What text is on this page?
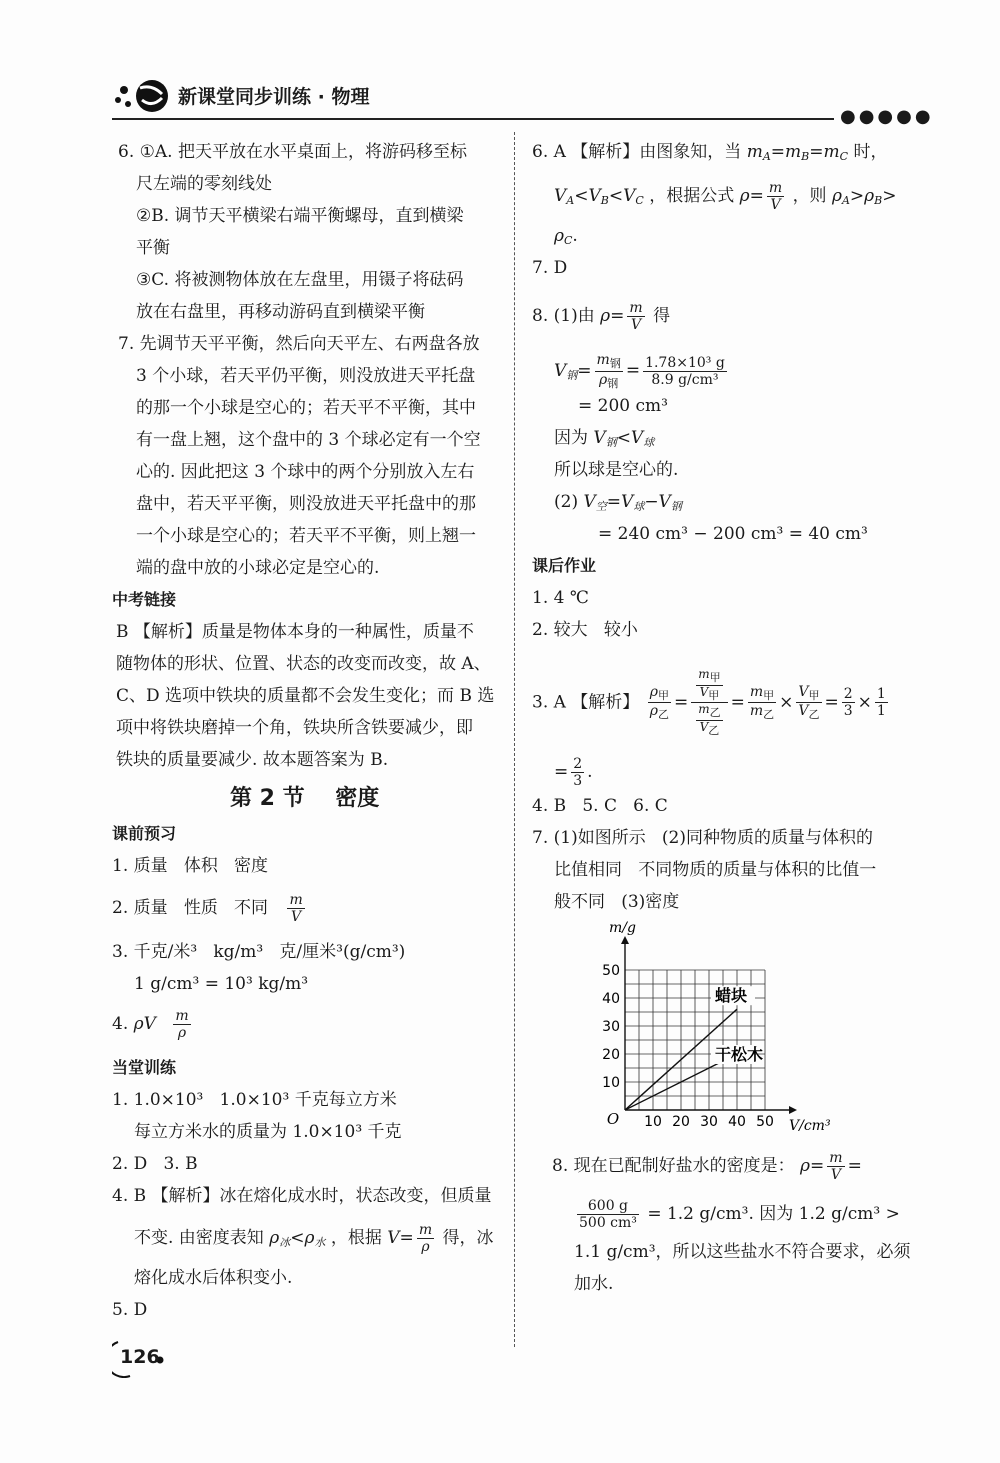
新课堂同步训练 · 物理
●●●●●
6. ①A. 把天平放在水平桌面上，将游码移至标
尺左端的零刻线处
②B. 调节天平横梁右端平衡螺母，直到横梁
平衡
③C. 将被测物体放在左盘里，用镊子将砝码
放在右盘里，再移动游码直到横梁平衡
7. 先调节天平平衡，然后向天平左、右两盘各放
3 个小球，若天平仍平衡，则没放进天平托盘
的那一个小球是空心的；若天平不平衡，其中
有一盘上翘，这个盘中的 3 个球必定有一个空
心的. 因此把这 3 个球中的两个分别放入左右
盘中，若天平平衡，则没放进天平托盘中的那
一个小球是空心的；若天平不平衡，则上翘一
端的盘中放的小球必定是空心的.
中考链接
B 【解析】质量是物体本身的一种属性，质量不
随物体的形状、位置、状态的改变而改变，故 A、
C、D 选项中铁块的质量都不会发生变化；而 B 选
项中将铁块磨掉一个角，铁块所含铁要减少，即
铁块的质量要减少. 故本题答案为 B.
第 2 节    密度
课前预习
1. 质量   体积   密度
2. 质量   性质   不同 $\frac{m}{V}$
3. 千克/米³   kg/m³   克/厘米³(g/cm³)
1 g/cm³ = 10³ kg/m³
4. ρV $\frac{m}{\rho}$
当堂训练
1. 1.0×10³   1.0×10³ 千克每立方米
每立方米水的质量为 1.0×10³ 千克
2. D   3. B
4. B 【解析】冰在熔化成水时，状态改变，但质量
不变. 由密度表知 $\rho_冰<\rho_水$ ，根据 $V= \frac{m}{\rho}$ 得，冰
熔化成水后体积变小.
5. D
6. A 【解析】由图象知，当 $m_A=m_B=m_C$ 时，
$V_A<V_B<V_C$ ，根据公式 $\rho= \frac{m}{V}$ ，则 $\rho_A>\rho_B>$
$\rho_C$.
7. D
8. (1)由 $\rho= \frac{m}{V}$ 得
$V_钢= \frac{m_钢}{\rho_钢} = \frac{\text{1.78×10³ g}}{\text{8.9 g/cm³}}$
= 200 cm³
因为 $V_钢<V_球$
所以球是空心的.
(2) $V_空=V_球-V_钢$
= 240 cm³ − 200 cm³ = 40 cm³
课后作业
1. 4 ℃
2. 较大   较小
3. A 【解析】 $\frac{\rho_甲}{\rho_乙} = \frac{\frac{m_甲}{V_甲}}{\frac{m_乙}{V_乙}} = \frac{m_甲}{m_乙} \times \frac{V_甲}{V_乙} = \frac{2}{3} \times \frac{1}{1}$
= $\frac{2}{3}$ .
4. B   5. C   6. C
7. (1)如图所示   (2)同种物质的质量与体积的
比值相同   不同物质的质量与体积的比值一
般不同   (3)密度
10 20 30 40 50
10
20
30
40
50
O	V/cm³
m/g
蜡块
干松木
8. 现在已配制好盐水的密度是： $\rho= \frac{m}{V}$ =
$\frac{600 g}{\text{500 cm³}} = 1.2$ g/cm³. 因为 1.2 g/cm³ >
1.1 g/cm³，所以这些盐水不符合要求，必须
加水.
126
